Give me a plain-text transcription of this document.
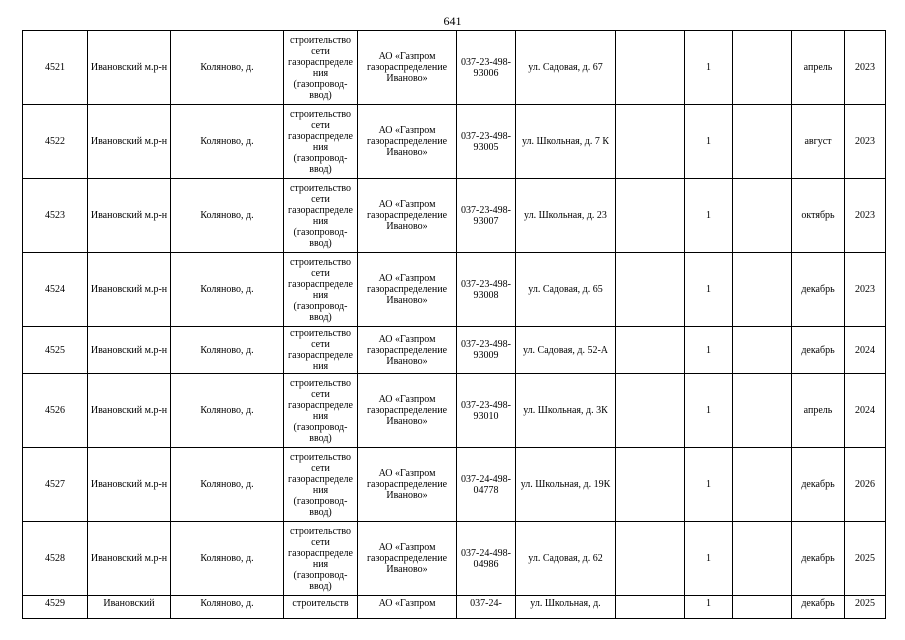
641
4521	Ивановский м.р-н	Коляново, д.	строительство сети газораспределения (газопровод-ввод)	АО «Газпром газораспределение Иваново»	037-23-498-93006	ул. Садовая, д. 67		1		апрель	2023
4522	Ивановский м.р-н	Коляново, д.	строительство сети газораспределения (газопровод-ввод)	АО «Газпром газораспределение Иваново»	037-23-498-93005	ул. Школьная, д. 7 К		1		август	2023
4523	Ивановский м.р-н	Коляново, д.	строительство сети газораспределения (газопровод-ввод)	АО «Газпром газораспределение Иваново»	037-23-498-93007	ул. Школьная, д. 23		1		октябрь	2023
4524	Ивановский м.р-н	Коляново, д.	строительство сети газораспределения (газопровод-ввод)	АО «Газпром газораспределение Иваново»	037-23-498-93008	ул. Садовая, д. 65		1		декабрь	2023
4525	Ивановский м.р-н	Коляново, д.	строительство сети газораспределения	АО «Газпром газораспределение Иваново»	037-23-498-93009	ул. Садовая, д. 52-А		1		декабрь	2024
4526	Ивановский м.р-н	Коляново, д.	строительство сети газораспределения (газопровод-ввод)	АО «Газпром газораспределение Иваново»	037-23-498-93010	ул. Школьная, д. 3К		1		апрель	2024
4527	Ивановский м.р-н	Коляново, д.	строительство сети газораспределения (газопровод-ввод)	АО «Газпром газораспределение Иваново»	037-24-498-04778	ул. Школьная, д. 19К		1		декабрь	2026
4528	Ивановский м.р-н	Коляново, д.	строительство сети газораспределения (газопровод-ввод)	АО «Газпром газораспределение Иваново»	037-24-498-04986	ул. Садовая, д. 62		1		декабрь	2025
4529	Ивановский	Коляново, д.	строительств	АО «Газпром	037-24-	ул. Школьная, д.		1		декабрь	2025
